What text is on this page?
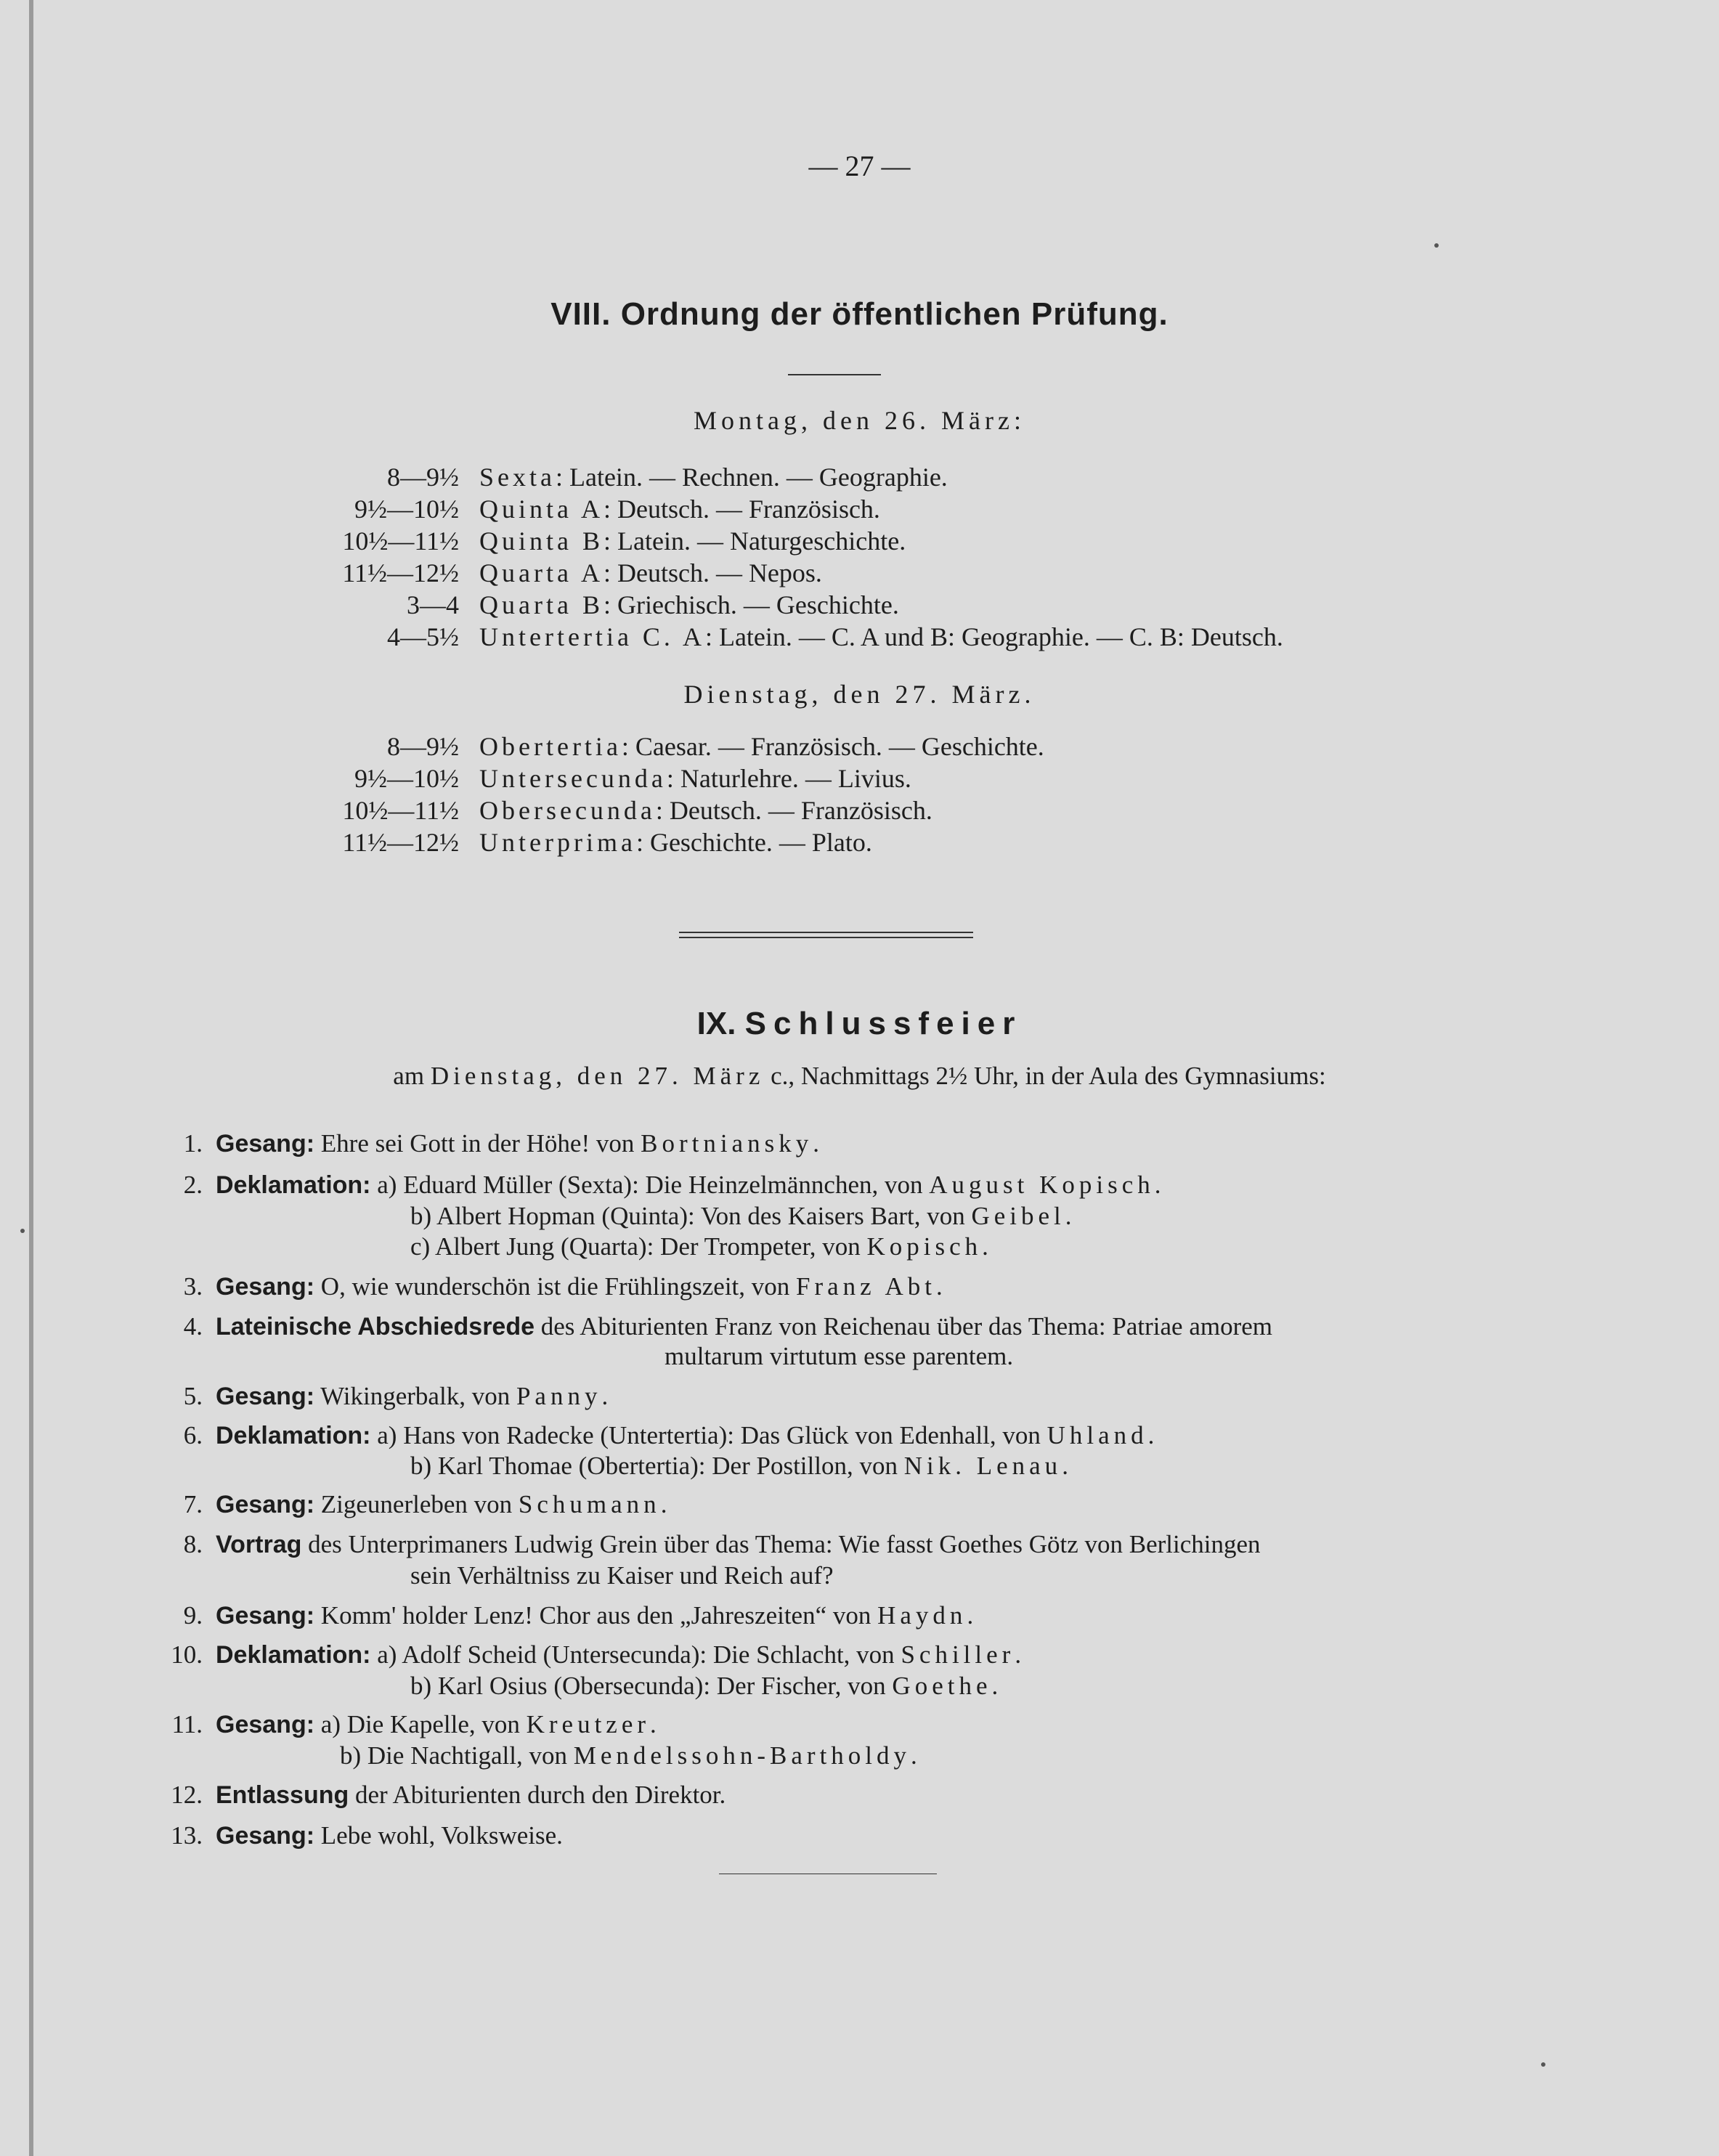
— 27 —
VIII. Ordnung der öffentlichen Prüfung.
Montag, den 26. März:
8—9½ Sexta: Latein. — Rechnen. — Geographie.
9½—10½ Quinta A: Deutsch. — Französisch.
10½—11½ Quinta B: Latein. — Naturgeschichte.
11½—12½ Quarta A: Deutsch. — Nepos.
3—4 Quarta B: Griechisch. — Geschichte.
4—5½ Untertertia C. A: Latein. — C. A und B: Geographie. — C. B: Deutsch.
Dienstag, den 27. März.
8—9½ Obertertia: Caesar. — Französisch. — Geschichte.
9½—10½ Untersecunda: Naturlehre. — Livius.
10½—11½ Obersecunda: Deutsch. — Französisch.
11½—12½ Unterprima: Geschichte. — Plato.
IX. Schlussfeier
am Dienstag, den 27. März c., Nachmittags 2½ Uhr, in der Aula des Gymnasiums:
1. Gesang: Ehre sei Gott in der Höhe! von Bortniansky.
2. Deklamation: a) Eduard Müller (Sexta): Die Heinzelmännchen, von August Kopisch.
b) Albert Hopman (Quinta): Von des Kaisers Bart, von Geibel.
c) Albert Jung (Quarta): Der Trompeter, von Kopisch.
3. Gesang: O, wie wunderschön ist die Frühlingszeit, von Franz Abt.
4. Lateinische Abschiedsrede des Abiturienten Franz von Reichenau über das Thema: Patriae amorem
multarum virtutum esse parentem.
5. Gesang: Wikingerbalk, von Panny.
6. Deklamation: a) Hans von Radecke (Untertertia): Das Glück von Edenhall, von Uhland.
b) Karl Thomae (Obertertia): Der Postillon, von Nik. Lenau.
7. Gesang: Zigeunerleben von Schumann.
8. Vortrag des Unterprimaners Ludwig Grein über das Thema: Wie fasst Goethes Götz von Berlichingen
sein Verhältniss zu Kaiser und Reich auf?
9. Gesang: Komm' holder Lenz! Chor aus den „Jahreszeiten“ von Haydn.
10. Deklamation: a) Adolf Scheid (Untersecunda): Die Schlacht, von Schiller.
b) Karl Osius (Obersecunda): Der Fischer, von Goethe.
11. Gesang: a) Die Kapelle, von Kreutzer.
b) Die Nachtigall, von Mendelssohn-Bartholdy.
12. Entlassung der Abiturienten durch den Direktor.
13. Gesang: Lebe wohl, Volksweise.
